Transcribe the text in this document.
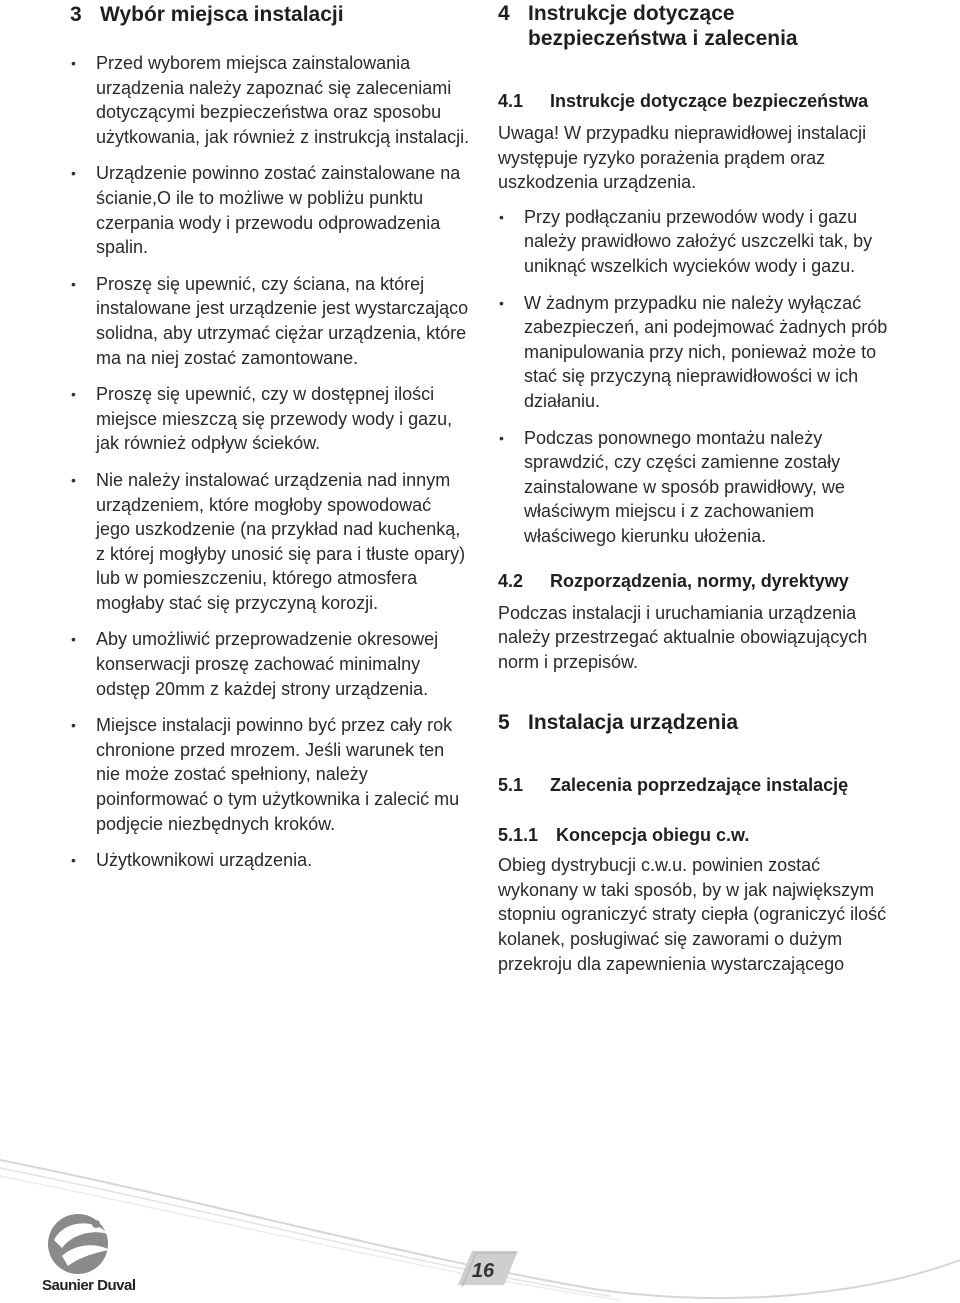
3 Wybór miejsca instalacji
• Przed wyborem miejsca zainstalowania urządzenia należy zapoznać się zaleceniami dotyczącymi bezpieczeństwa oraz sposobu użytkowania, jak również z instrukcją instalacji.
• Urządzenie powinno zostać zainstalowane na ścianie,O ile to możliwe w pobliżu punktu czerpania wody i przewodu odprowadzenia spalin.
• Proszę się upewnić, czy ściana, na której instalowane jest urządzenie jest wystarczająco solidna, aby utrzymać ciężar urządzenia, które ma na niej zostać zamontowane.
• Proszę się upewnić, czy w dostępnej ilości miejsce mieszczą się przewody wody i gazu, jak również odpływ ścieków.
• Nie należy instalować urządzenia nad innym urządzeniem, które mogłoby spowodować jego uszkodzenie (na przykład nad kuchenką, z której mogłyby unosić się para i tłuste opary) lub w pomieszczeniu, którego atmosfera mogłaby stać się przyczyną korozji.
• Aby umożliwić przeprowadzenie okresowej konserwacji proszę zachować minimalny odstęp 20mm z każdej strony urządzenia.
• Miejsce instalacji powinno być przez cały rok chronione przed mrozem. Jeśli warunek ten nie może zostać spełniony, należy poinformować o tym użytkownika i zalecić mu podjęcie niezbędnych kroków.
• Użytkownikowi urządzenia.
4 Instrukcje dotyczące bezpieczeństwa i zalecenia
4.1	Instrukcje dotyczące bezpieczeństwa

Uwaga! W przypadku nieprawidłowej instalacji występuje ryzyko porażenia prądem oraz uszkodzenia urządzenia.

• Przy podłączaniu przewodów wody i gazu należy prawidłowo założyć uszczelki tak, by uniknąć wszelkich wycieków wody i gazu.
• W żadnym przypadku nie należy wyłączać zabezpieczeń, ani podejmować żadnych prób manipulowania przy nich, ponieważ może to stać się przyczyną nieprawidłowości w ich działaniu.
• Podczas ponownego montażu należy sprawdzić, czy części zamienne zostały zainstalowane w sposób prawidłowy, we właściwym miejscu i z zachowaniem właściwego kierunku ułożenia.
4.2	Rozporządzenia, normy, dyrektywy

Podczas instalacji i uruchamiania urządzenia należy przestrzegać aktualnie obowiązujących norm i przepisów.

5 Instalacja urządzenia
5.1	Zalecenia poprzedzające instalację
5.1.1 Koncepcja obiegu c.w.

Obieg dystrybucji c.w.u. powinien zostać wykonany w taki sposób, by w jak największym stopniu ograniczyć straty ciepła (ograniczyć ilość kolanek, posługiwać się zaworami o dużym przekroju dla zapewnienia wystarczającego

Saunier Duval
16
